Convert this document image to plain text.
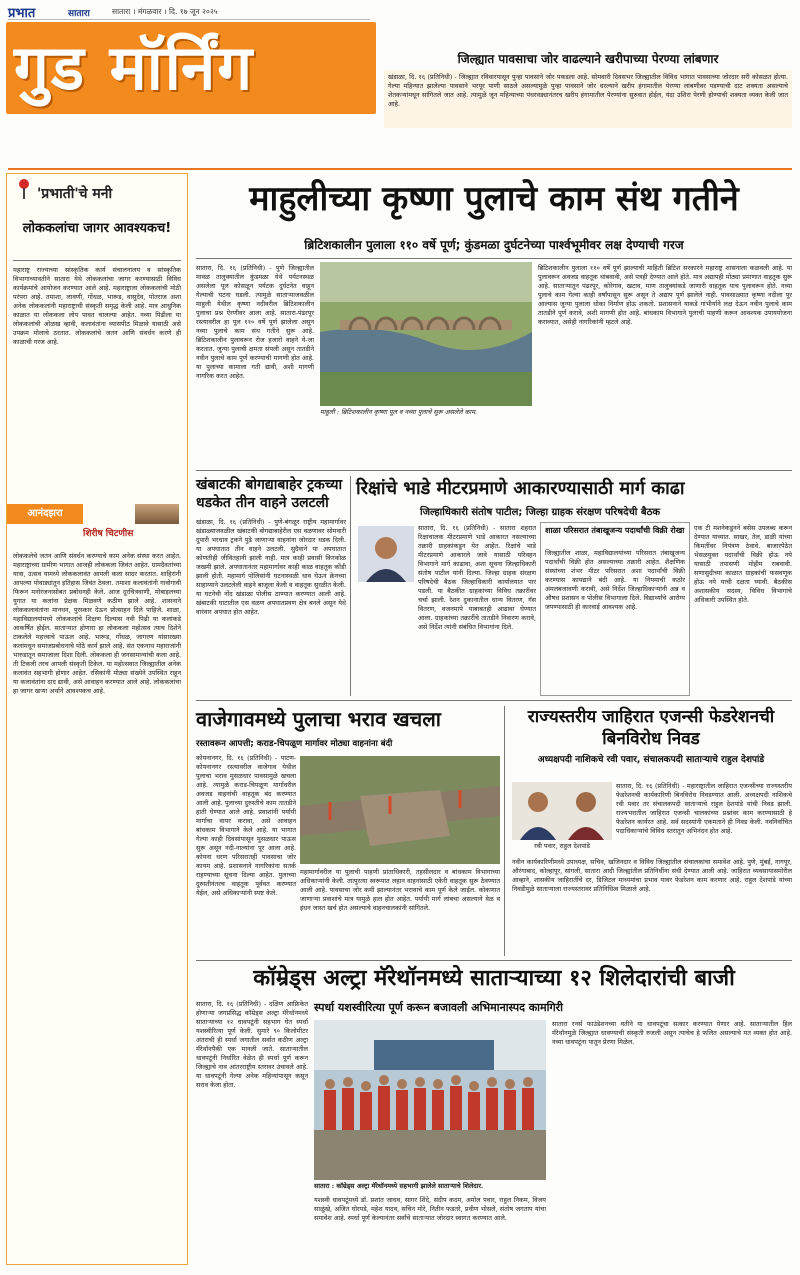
प्रभात	सातारा	सातारा । मंगळवार । दि. १७ जून २०२५
गुड मॉर्निंग	जिल्ह्यात पावसाचा जोर वाढल्याने खरीपाच्या पेरण्या लांबणार
खंडाळा, दि. १६ (प्रतिनिधी) - जिल्ह्यात रविवारपासून पुन्हा पावसाने जोर पकडला आहे. सोमवारी दिवसभर जिल्ह्यातील विविध भागात पावसाच्या जोरदार सरी कोसळत होत्या. गेल्या महिन्यात झालेल्या पावसाने भरपूर पाणी साठले असल्यामुळे पुन्हा पावसाने जोर धरल्याने खरीप हंगामातील पेरण्या लांबणीवर पडण्याची दाट शक्यता असल्याचे शेतकऱ्यांमधून सांगितले जात आहे. त्यामुळे जून महिन्याच्या पंधरवड्यानंतरच खरीप हंगामातील पेरण्यांना सुरुवात होईल, यंदा उशिरा पेरणी होण्याची शक्यता व्यक्त केली जात आहे.
'प्रभाती'चे मनी
लोककलांचा जागर आवश्यकच!
महाराष्ट्र राज्याच्या सांस्कृतिक कार्य संचालनालय व सांस्कृतिक विभागाच्यावतीने सातारा येथे लोककलांचा जागर करण्यासाठी विविध कार्यक्रमांचे आयोजन करण्यात आले आहे. महाराष्ट्राला लोककलांची मोठी परंपरा आहे. तमाशा, लावणी, गोंधळ, भारूड, वासुदेव, पोतराज अशा अनेक लोककलांनी महाराष्ट्राची संस्कृती समृद्ध केली आहे. मात्र आधुनिक काळात या लोककला लोप पावत चालल्या आहेत. नव्या पिढीला या लोककलांची ओळख व्हावी, कलावंतांना व्यासपीठ मिळावे यासाठी असे उपक्रम मोलाचे ठरतात. लोककलांचे जतन आणि संवर्धन करणे ही काळाची गरज आहे.
आनंदझरा
शिरीष चिटणीस
लोककलेचे जतन आणि संवर्धन करण्याचे काम अनेक संस्था करत आहेत. महाराष्ट्राच्या ग्रामीण भागात आजही लोककला जिवंत आहेत. ग्रामदैवतांच्या यात्रा, उत्सव यामध्ये लोककलावंत आपली कला सादर करतात. शाहिरांनी आपल्या पोवाड्यांतून इतिहास जिवंत ठेवला. तमाशा कलावंतांनी गावोगावी फिरून मनोरंजनासोबत प्रबोधनही केले. आज दूरचित्रवाणी, मोबाइलच्या युगात या कलांना प्रेक्षक मिळवणे कठीण झाले आहे. शासनाने लोककलावंतांना मानधन, पुरस्कार देऊन प्रोत्साहन दिले पाहिजे. शाळा, महाविद्यालयांमध्ये लोककलांचे शिक्षण दिल्यास नवी पिढी या कलांकडे आकर्षित होईल. साताऱ्यात होणारा हा लोककला महोत्सव त्याच दिशेने टाकलेले महत्त्वाचे पाऊल आहे. भारूड, गोंधळ, जागरण यांसारख्या कलांमधून समाजप्रबोधनाचे मोठे कार्य झाले आहे. संत एकनाथ महाराजांनी भारुडातून समाजाला दिशा दिली. लोककला ही जनसामान्यांची कला आहे. ती टिकली तरच आपली संस्कृती टिकेल. या महोत्सवात जिल्ह्यातील अनेक कलावंत सहभागी होणार आहेत. रसिकांनी मोठ्या संख्येने उपस्थित राहून या कलावंतांना दाद द्यावी, असे आवाहन करण्यात आले आहे. लोककलांचा हा जागर खऱ्या अर्थाने आवश्यकच आहे.
माहुलीच्या कृष्णा पुलाचे काम संथ गतीने
ब्रिटिशकालीन पुलाला ११० वर्षे पूर्ण; कुंडमळा दुर्घटनेच्या पार्श्वभूमीवर लक्ष देण्याची गरज
सातारा, दि. १६ (प्रतिनिधी) - पुणे जिल्ह्यातील मावळ तालुक्यातील कुंडमळा येथे पर्यटनस्थळ असलेला पूल कोसळून पर्यटक दुर्घटनेत वाहून गेल्याची घटना घडली. त्यामुळे साताऱ्याजवळील माहुली येथील कृष्णा नदीवरील ब्रिटिशकालीन पुलाचा प्रश्न ऐरणीवर आला आहे. सातारा-पंढरपूर रस्त्यावरील हा पूल ११० वर्षे पूर्ण झालेला असून नव्या पुलाचे काम संथ गतीने सुरू आहे. ब्रिटिशकालीन पुलावरून रोज हजारो वाहने ये-जा करतात. जुन्या पुलाची क्षमता संपली असून तातडीने नवीन पुलाचे काम पूर्ण करण्याची मागणी होत आहे. या पुलाच्या कामाला गती द्यावी, अशी मागणी नागरिक करत आहेत.
माहुली : ब्रिटिशकालीन कृष्णा पूल व नव्या पुलाचे सुरू असलेले काम.
ब्रिटिशकालीन पुलाला ११० वर्षे पूर्ण झाल्याची माहिती ब्रिटिश सरकारने महाराष्ट्र शासनाला कळवली आहे. या पुलावरून अवजड वाहतूक थांबवावी, असे पत्रही देण्यात आले होते. मात्र अद्यापही मोठ्या प्रमाणात वाहतूक सुरू आहे. साताऱ्यातून पंढरपूर, कोरेगाव, खटाव, माण तालुक्यांकडे जाणारी वाहतूक याच पुलावरून होते. नव्या पुलाचे काम गेल्या काही वर्षांपासून सुरू असून ते अद्याप पूर्ण झालेले नाही. पावसाळ्यात कृष्णा नदीला पूर आल्यास जुन्या पुलाला धोका निर्माण होऊ शकतो. प्रशासनाने याकडे गांभीर्याने लक्ष देऊन नवीन पुलाचे काम तातडीने पूर्ण करावे, अशी मागणी होत आहे. बांधकाम विभागाने पुलाची पाहणी करून आवश्यक उपाययोजना कराव्यात, असेही नागरिकांनी म्हटले आहे.
खंबाटकी बोगद्याबाहेर ट्रकच्या धडकेत तीन वाहने उलटली
खंडाळा, दि. १६ (प्रतिनिधी) - पुणे-बंगळूर राष्ट्रीय महामार्गावर खंडाळ्याजवळील खंबाटकी बोगद्याबाहेरील एस वळणावर सोमवारी दुपारी भरधाव ट्रकने पुढे जाणाऱ्या वाहनांना जोरदार धडक दिली. या अपघातात तीन वाहने उलटली. सुदैवाने या अपघातात कोणतीही जीवितहानी झाली नाही. मात्र काही प्रवासी किरकोळ जखमी झाले. अपघातानंतर महामार्गावर काही काळ वाहतूक कोंडी झाली होती. महामार्ग पोलिसांनी घटनास्थळी धाव घेऊन क्रेनच्या साहाय्याने उलटलेली वाहने बाजूला केली व वाहतूक सुरळीत केली. या घटनेची नोंद खंडाळा पोलीस ठाण्यात करण्यात आली आहे. खंबाटकी घाटातील एस वळण अपघातप्रवण क्षेत्र बनले असून येथे वारंवार अपघात होत आहेत.
रिक्षांचे भाडे मीटरप्रमाणे आकारण्यासाठी मार्ग काढा
जिल्हाधिकारी संतोष पाटील; जिल्हा ग्राहक संरक्षण परिषदेची बैठक
सातारा, दि. १६ (प्रतिनिधी) - सातारा शहरात रिक्षाचालक मीटरप्रमाणे भाडे आकारत नसल्याच्या तक्रारी ग्राहकांकडून येत आहेत. रिक्षांचे भाडे मीटरप्रमाणे आकारले जावे यासाठी परिवहन विभागाने मार्ग काढावा, अशा सूचना जिल्हाधिकारी संतोष पाटील यांनी दिल्या. जिल्हा ग्राहक संरक्षण परिषदेची बैठक जिल्हाधिकारी कार्यालयात पार पडली. या बैठकीत ग्राहकांच्या विविध तक्रारींवर चर्चा झाली. रेशन दुकानातील धान्य वितरण, गॅस वितरण, वजनमापे याबाबतही आढावा घेण्यात आला. ग्राहकांच्या तक्रारींचे तातडीने निवारण करावे, असे निर्देश त्यांनी संबंधित विभागांना दिले.
शाळा परिसरात तंबाखूजन्य पदार्थांची विक्री रोखा
जिल्ह्यातील शाळा, महाविद्यालयांच्या परिसरात तंबाखूजन्य पदार्थांची विक्री होत असल्याच्या तक्रारी आहेत. शैक्षणिक संस्थांच्या शंभर मीटर परिसरात अशा पदार्थांची विक्री करण्यास कायद्याने बंदी आहे. या नियमाची कठोर अंमलबजावणी करावी, असे निर्देश जिल्हाधिकाऱ्यांनी अन्न व औषध प्रशासन व पोलीस विभागाला दिले. विद्यार्थ्यांचे आरोग्य जपण्यासाठी ही कारवाई आवश्यक आहे.
एक टी मशनेकडूनने बसेस उपलब्ध करून देण्यात याव्यात. साखर, तेल, डाळी यांच्या किमतींवर नियंत्रण ठेवावे. बाजारपेठेत भेसळयुक्त पदार्थांची विक्री होऊ नये यासाठी तपासणी मोहीम राबवावी. सणासुदीच्या काळात ग्राहकांची फसवणूक होऊ नये याची दक्षता घ्यावी. बैठकीस अशासकीय सदस्य, विविध विभागांचे अधिकारी उपस्थित होते.
वाजेगावमध्ये पुलाचा भराव खचला
रस्तावरून आपत्ती; कराड-चिपळूण मार्गावर मोठ्या वाहनांना बंदी
कोयनानगर, दि. १६ (प्रतिनिधी) - पाटण-कोयनानगर रस्त्यावरील वाजेगाव येथील पुलाचा भराव मुसळधार पावसामुळे खचला आहे. त्यामुळे कराड-चिपळूण मार्गावरील अवजड वाहनांची वाहतूक बंद करण्यात आली आहे. पुलाच्या दुरुस्तीचे काम तातडीने हाती घेण्यात आले आहे. प्रवाशांनी पर्यायी मार्गाचा वापर करावा, असे आवाहन बांधकाम विभागाने केले आहे. या भागात गेल्या काही दिवसांपासून मुसळधार पाऊस सुरू असून नदी-नाल्यांना पूर आला आहे. कोयना धरण परिसरातही पावसाचा जोर कायम आहे. प्रशासनाने नागरिकांना सतर्क राहण्याच्या सूचना दिल्या आहेत. पुलाच्या दुरुस्तीनंतरच वाहतूक पूर्ववत करण्यात येईल, असे अधिकाऱ्यांनी स्पष्ट केले.
महामार्गावरील या पुलाची पाहणी प्रांताधिकारी, तहसीलदार व बांधकाम विभागाच्या अधिकाऱ्यांनी केली. तात्पुरत्या स्वरूपात लहान वाहनांसाठी एकेरी वाहतूक सुरू ठेवण्यात आली आहे. पावसाचा जोर कमी झाल्यानंतर भरावाचे काम पूर्ण केले जाईल. कोकणात जाणाऱ्या प्रवाशांचे मात्र यामुळे हाल होत आहेत. पर्यायी मार्ग लांबचा असल्याने वेळ व इंधन जास्त खर्च होत असल्याचे वाहनचालकांनी सांगितले.
राज्यस्तरीय जाहिरात एजन्सी फेडरेशनची बिनविरोध निवड
अध्यक्षपदी नाशिकचे रवी पवार, संचालकपदी साताऱ्याचे राहुल देशपांडे
रवी पवार, राहुल देशपांडे
सातारा, दि. १६ (प्रतिनिधी) - महाराष्ट्रातील जाहिरात एजन्सीच्या राज्यस्तरीय फेडरेशनची कार्यकारिणी बिनविरोध निवडण्यात आली. अध्यक्षपदी नाशिकचे रवी पवार तर संचालकपदी साताऱ्याचे राहुल देशपांडे यांची निवड झाली. राज्यभरातील जाहिरात एजन्सी चालकांच्या प्रश्नांवर काम करण्यासाठी हे फेडरेशन कार्यरत आहे. सर्व सदस्यांनी एकमताने ही निवड केली. नवनिर्वाचित पदाधिकाऱ्यांचे विविध स्तरातून अभिनंदन होत आहे.
नवीन कार्यकारिणीमध्ये उपाध्यक्ष, सचिव, खजिनदार व विविध जिल्ह्यांतील संचालकांचा समावेश आहे. पुणे, मुंबई, नागपूर, औरंगाबाद, कोल्हापूर, सांगली, सातारा आदी जिल्ह्यांतील प्रतिनिधींना संधी देण्यात आली आहे. जाहिरात व्यवसायासमोरील आव्हाने, शासकीय जाहिरातींचे दर, डिजिटल माध्यमांचा प्रभाव यावर फेडरेशन काम करणार आहे. राहुल देशपांडे यांच्या निवडीमुळे साताऱ्याला राज्यस्तरावर प्रतिनिधित्व मिळाले आहे.
कॉम्रेड्स अल्ट्रा मॅरेथॉनमध्ये साताऱ्याच्या १२ शिलेदारांची बाजी
सातारा, दि. १६ (प्रतिनिधी) - दक्षिण आफ्रिकेत होणाऱ्या जगप्रसिद्ध कॉम्रेड्स अल्ट्रा मॅरेथॉनमध्ये साताऱ्याच्या १२ धावपटूंनी सहभाग घेत स्पर्धा यशस्वीरित्या पूर्ण केली. सुमारे ९० किलोमीटर अंतराची ही स्पर्धा जगातील सर्वात कठीण अल्ट्रा मॅरेथॉनपैकी एक मानली जाते. साताऱ्यातील धावपटूंनी निर्धारित वेळेत ही स्पर्धा पूर्ण करून जिल्ह्याचे नाव आंतरराष्ट्रीय स्तरावर उंचावले आहे. या धावपटूंनी गेल्या अनेक महिन्यांपासून कसून सराव केला होता.
स्पर्धा यशस्वीरित्या पूर्ण करून बजावली अभिमानास्पद कामगिरी
सातारा : कॉम्रेड्स अल्ट्रा मॅरेथॉनमध्ये सहभागी झालेले साताऱ्याचे शिलेदार.
यशस्वी धावपटूंमध्ये डॉ. प्रशांत जाधव, सागर शिंदे, संदीप कदम, अमोल पवार, राहुल निकम, विजय साळुंखे, अजित घोरपडे, महेश यादव, सचिन मोरे, नितीन फडतरे, प्रवीण भोसले, संतोष जगताप यांचा समावेश आहे. स्पर्धा पूर्ण केल्यानंतर सर्वांचे साताऱ्यात जोरदार स्वागत करण्यात आले.
सातारा रनर्स फाउंडेशनच्या वतीने या धावपटूंचा सत्कार करण्यात येणार आहे. साताऱ्यातील हिल मॅरेथॉनमुळे जिल्ह्यात धावण्याची संस्कृती रुजली असून त्याचेच हे फलित असल्याचे मत व्यक्त होत आहे. नव्या धावपटूंना यातून प्रेरणा मिळेल.
